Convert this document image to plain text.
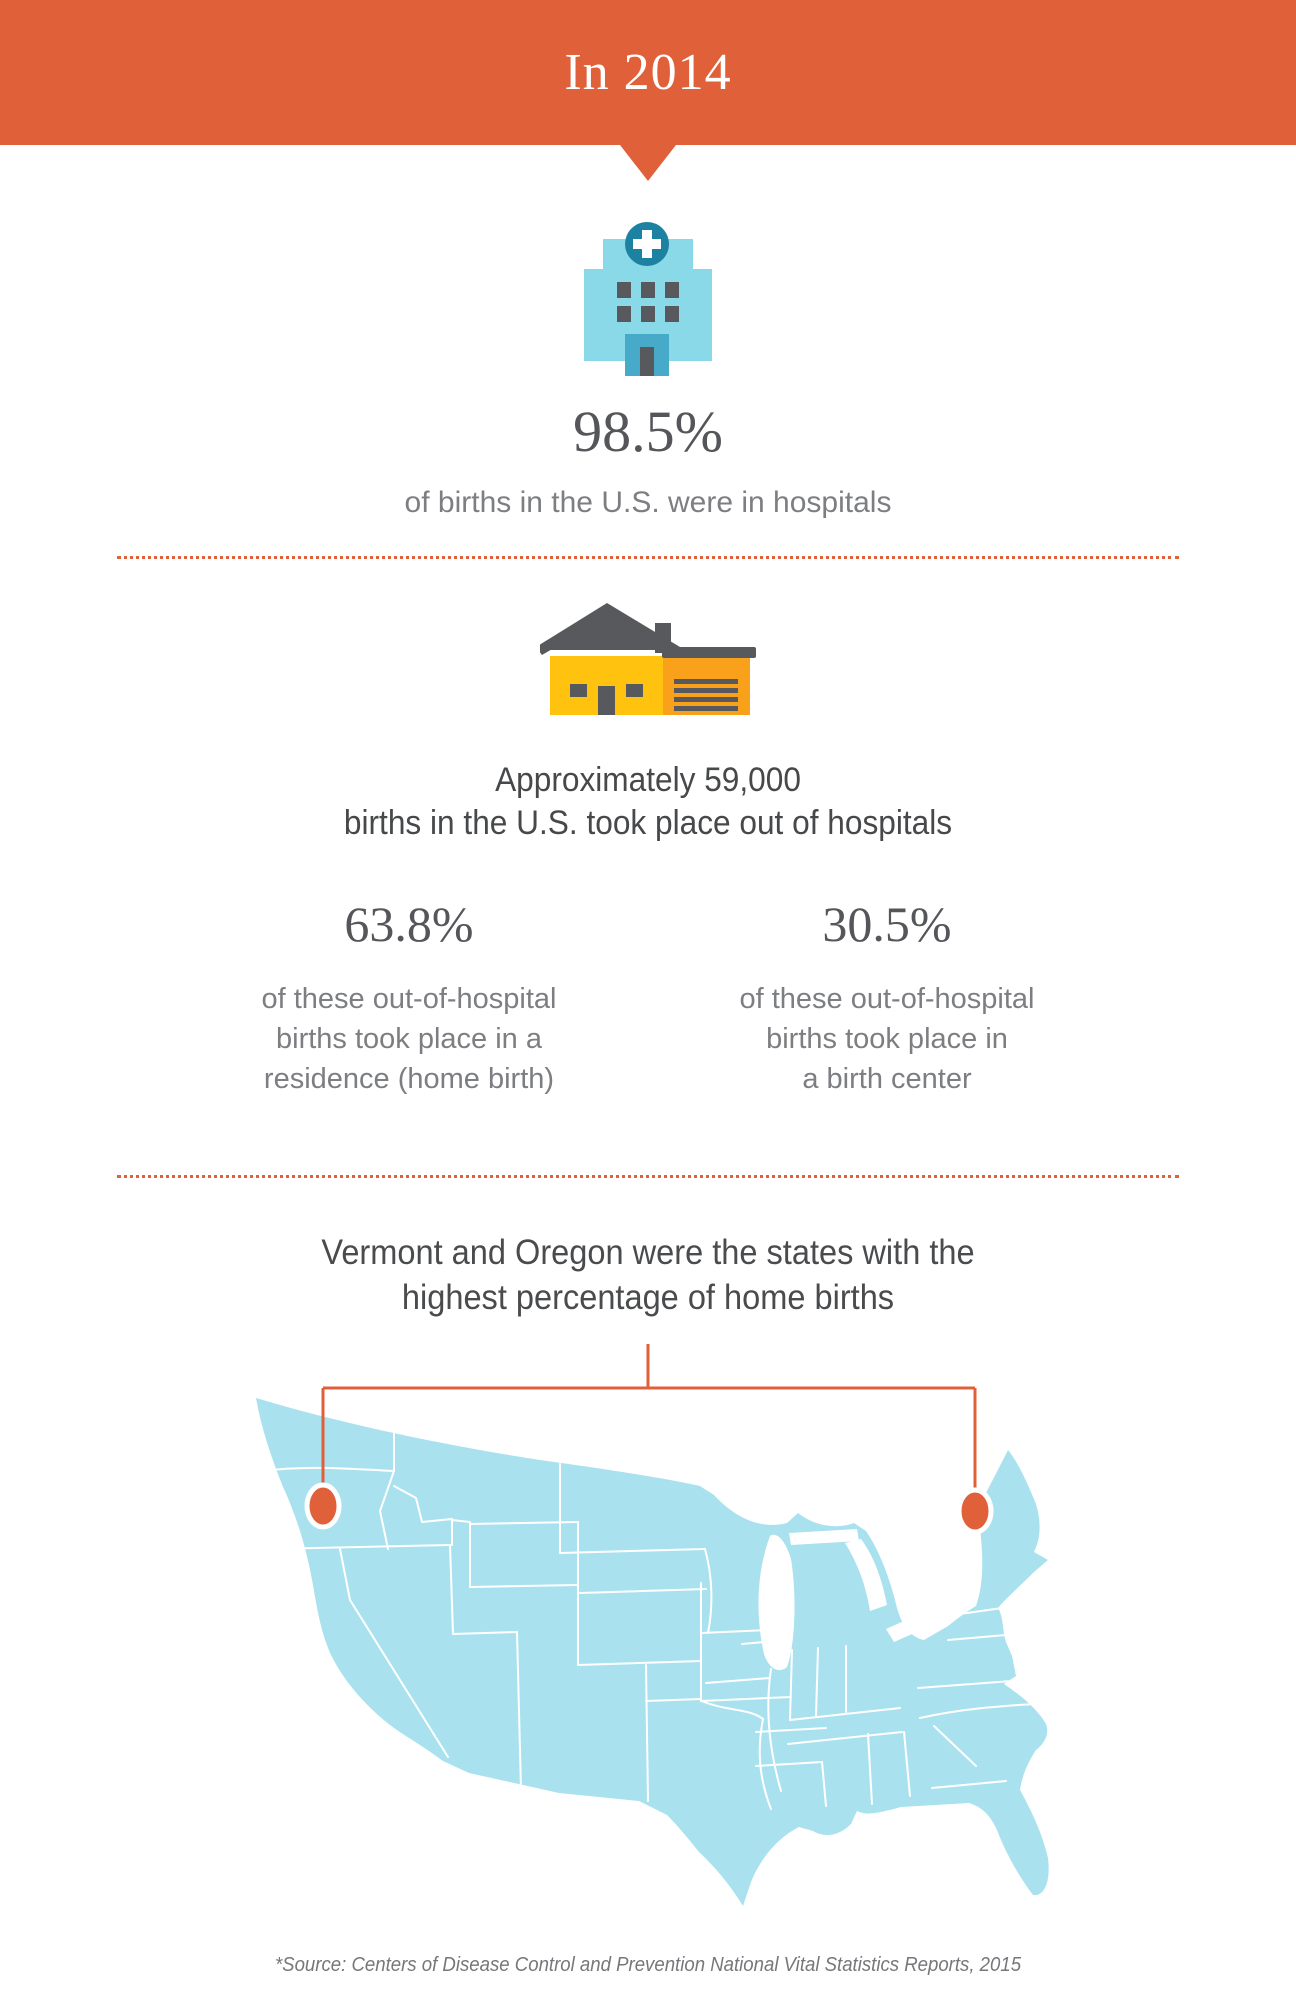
In 2014
98.5%
of births in the U.S. were in hospitals
Approximately 59,000
births in the U.S. took place out of hospitals
63.8%
of these out-of-hospital
births took place in a
residence (home birth)
30.5%
of these out-of-hospital
births took place in
a birth center
Vermont and Oregon were the states with the
highest percentage of home births
*Source: Centers of Disease Control and Prevention National Vital Statistics Reports, 2015
